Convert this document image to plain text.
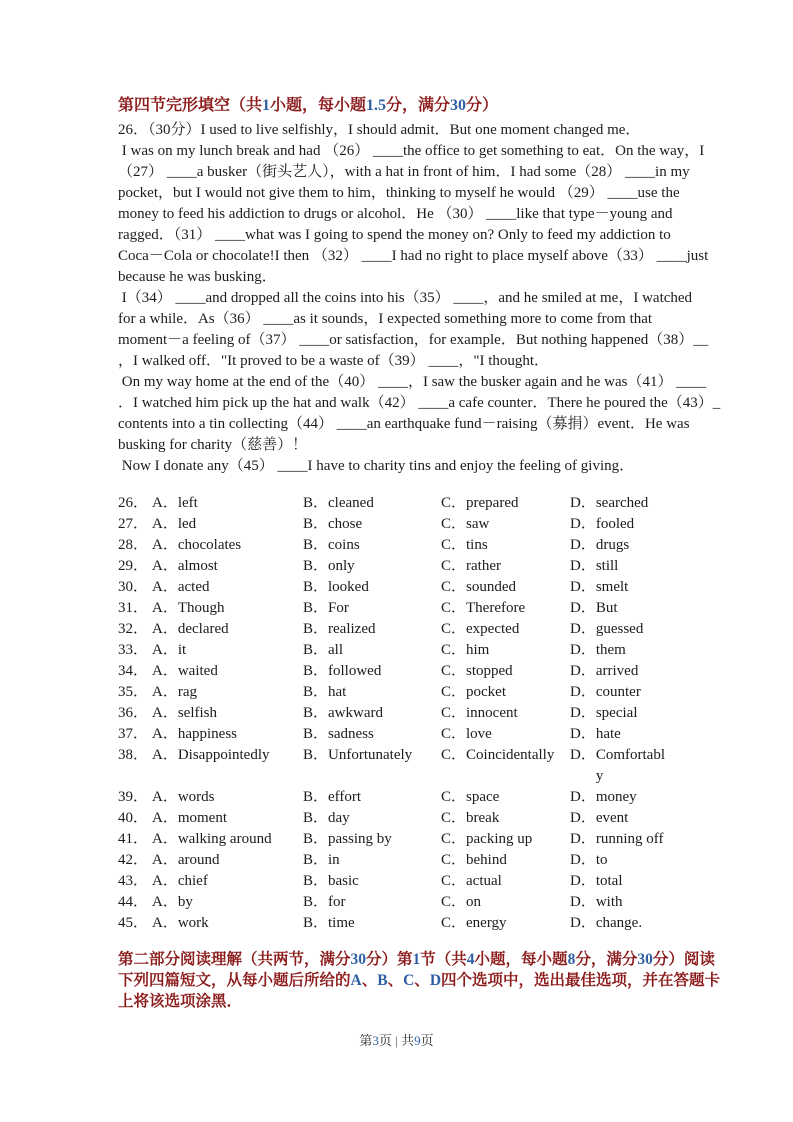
第四节完形填空（共1小题，每小题1.5分，满分30分）
26．（30分）I used to live selfishly，I should admit．But one moment changed me．
I was on my lunch break and had （26） ____the office to get something to eat．On the way，I
（27） ____a busker（街头艺人），with a hat in front of him．I had some（28） ____in my
pocket，but I would not give them to him，thinking to myself he would （29） ____use the
money to feed his addiction to drugs or alcohol．He （30） ____like that type－young and
ragged．（31） ____what was I going to spend the money on? Only to feed my addiction to
Coca－Cola or chocolate!I then （32） ____I had no right to place myself above（33） ____just
because he was busking．
I（34） ____and dropped all the coins into his（35） ____，and he smiled at me，I watched
for a while．As（36） ____as it sounds，I expected something more to come from that
moment－a feeling of（37） ____or satisfaction，for example．But nothing happened（38）__
，I walked off．"It proved to be a waste of（39） ____，"I thought．
On my way home at the end of the（40） ____，I saw the busker again and he was（41） ____
．I watched him pick up the hat and walk（42） ____a cafe counter．There he poured the（43）_
contents into a tin collecting（44） ____an earthquake fund－raising（募捐）event．He was
busking for charity（慈善）！
Now I donate any（45） ____I have to charity tins and enjoy the feeling of giving．
26． A． left	B． cleaned	C． prepared	D． searched
27． A． led	B． chose	C． saw	D． fooled
28． A． chocolates	B． coins	C． tins	D． drugs
29． A． almost	B． only	C． rather	D． still
30． A． acted	B． looked	C． sounded	D． smelt
31． A． Though	B． For	C． Therefore	D． But
32． A． declared	B． realized	C． expected	D． guessed
33． A． it	B． all	C． him	D． them
34． A． waited	B． followed	C． stopped	D． arrived
35． A． rag	B． hat	C． pocket	D． counter
36． A． selfish	B． awkward	C． innocent	D． special
37． A． happiness	B． sadness	C． love	D． hate
38． A． Disappointedly B． Unfortunately C． Coincidentally D． Comfortably
39． A． words	B． effort	C． space	D． money
40． A． moment	B． day	C． break	D． event
41． A． walking around B． passing by	C． packing up	D． running off
42． A． around	B． in	C． behind	D． to
43． A． chief	B． basic	C． actual	D． total
44． A． by	B． for	C． on	D． with
45． A． work	B． time	C． energy	D． change.
第二部分阅读理解（共两节，满分30分）第1节（共4小题，每小题8分，满分30分）阅读
下列四篇短文，从每小题后所给的A、B、C、D四个选项中，选出最佳选项，并在答题卡
上将该选项涂黑．
第3页 | 共9页
